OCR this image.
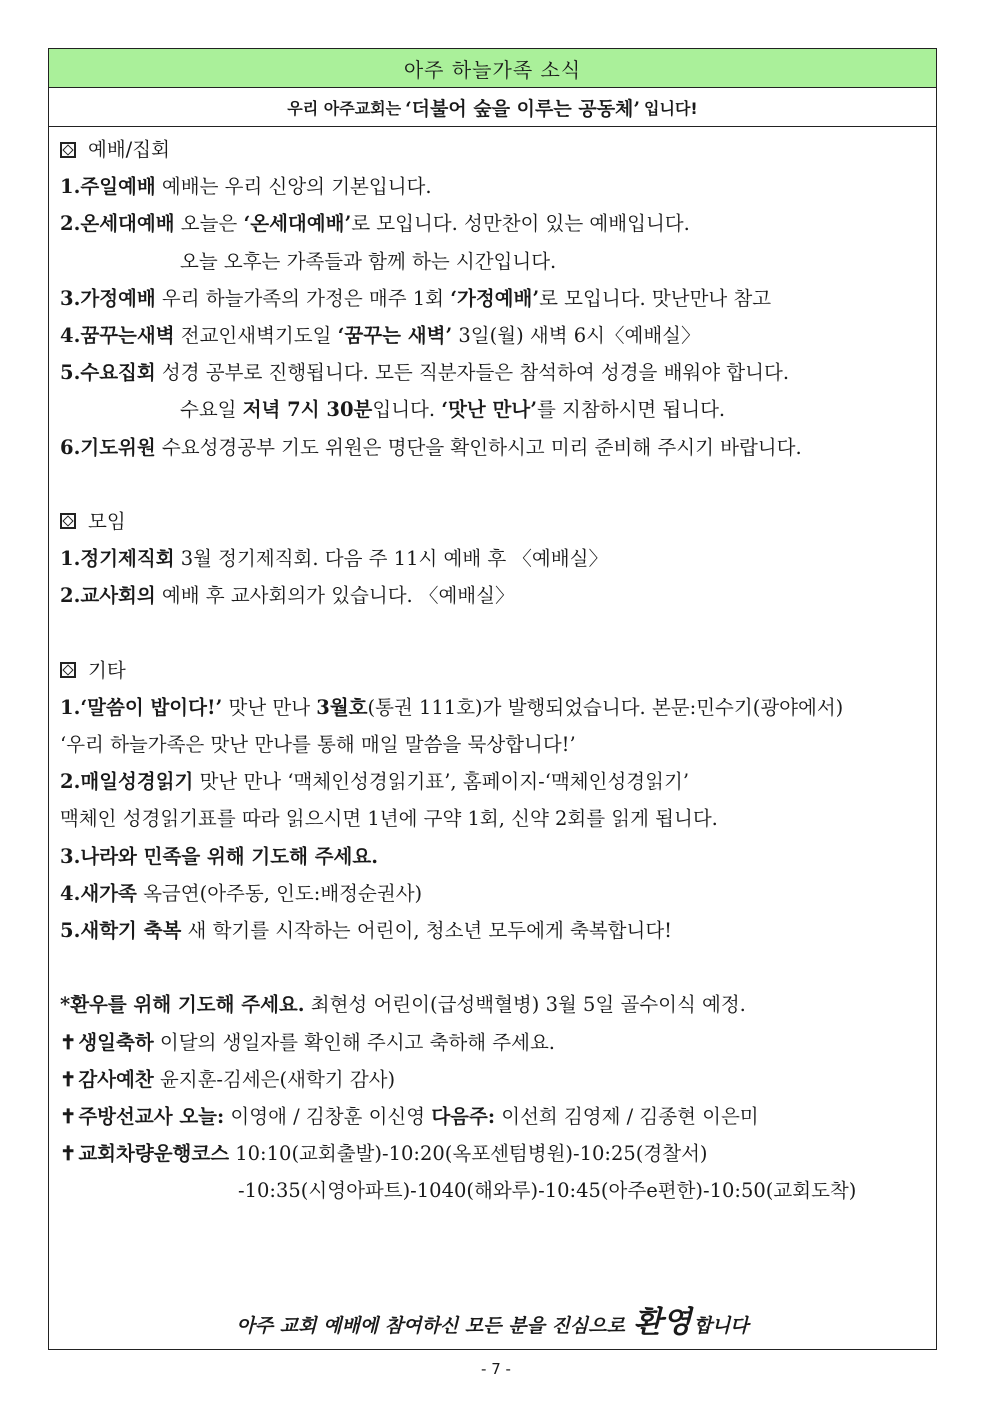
아주 하늘가족 소식
우리 아주교회는 ‘더불어 숲을 이루는 공동체’ 입니다!
예배/집회
1.주일예배 예배는 우리 신앙의 기본입니다.
2.온세대예배 오늘은 ‘온세대예배’로 모입니다. 성만찬이 있는 예배입니다.
오늘 오후는 가족들과 함께 하는 시간입니다.
3.가정예배 우리 하늘가족의 가정은 매주 1회 ‘가정예배’로 모입니다. 맛난만나 참고
4.꿈꾸는새벽 전교인새벽기도일 ‘꿈꾸는 새벽’ 3일(월) 새벽 6시〈예배실〉
5.수요집회 성경 공부로 진행됩니다. 모든 직분자들은 참석하여 성경을 배워야 합니다.
수요일 저녁 7시 30분입니다. ‘맛난 만나’를 지참하시면 됩니다.
6.기도위원 수요성경공부 기도 위원은 명단을 확인하시고 미리 준비해 주시기 바랍니다.
모임
1.정기제직회 3월 정기제직회. 다음 주 11시 예배 후 〈예배실〉
2.교사회의 예배 후 교사회의가 있습니다. 〈예배실〉
기타
1.‘말씀이 밥이다!’ 맛난 만나 3월호(통권 111호)가 발행되었습니다. 본문:민수기(광야에서)
‘우리 하늘가족은 맛난 만나를 통해 매일 말씀을 묵상합니다!’
2.매일성경읽기 맛난 만나 ‘맥체인성경읽기표’, 홈페이지-‘맥체인성경읽기’
맥체인 성경읽기표를 따라 읽으시면 1년에 구약 1회, 신약 2회를 읽게 됩니다.
3.나라와 민족을 위해 기도해 주세요.
4.새가족 옥금연(아주동, 인도:배정순권사)
5.새학기 축복 새 학기를 시작하는 어린이, 청소년 모두에게 축복합니다!
*환우를 위해 기도해 주세요. 최현성 어린이(급성백혈병) 3월 5일 골수이식 예정.
✝ 생일축하 이달의 생일자를 확인해 주시고 축하해 주세요.
✝ 감사예찬 윤지훈-김세은(새학기 감사)
✝ 주방선교사 오늘: 이영애 / 김창훈 이신영 다음주: 이선희 김영제 / 김종현 이은미
✝ 교회차량운행코스 10:10(교회출발)-10:20(옥포센텀병원)-10:25(경찰서)
-10:35(시영아파트)-1040(해와루)-10:45(아주e편한)-10:50(교회도착)
아주 교회 예배에 참여하신 모든 분을 진심으로 환영 합니다
- 7 -
